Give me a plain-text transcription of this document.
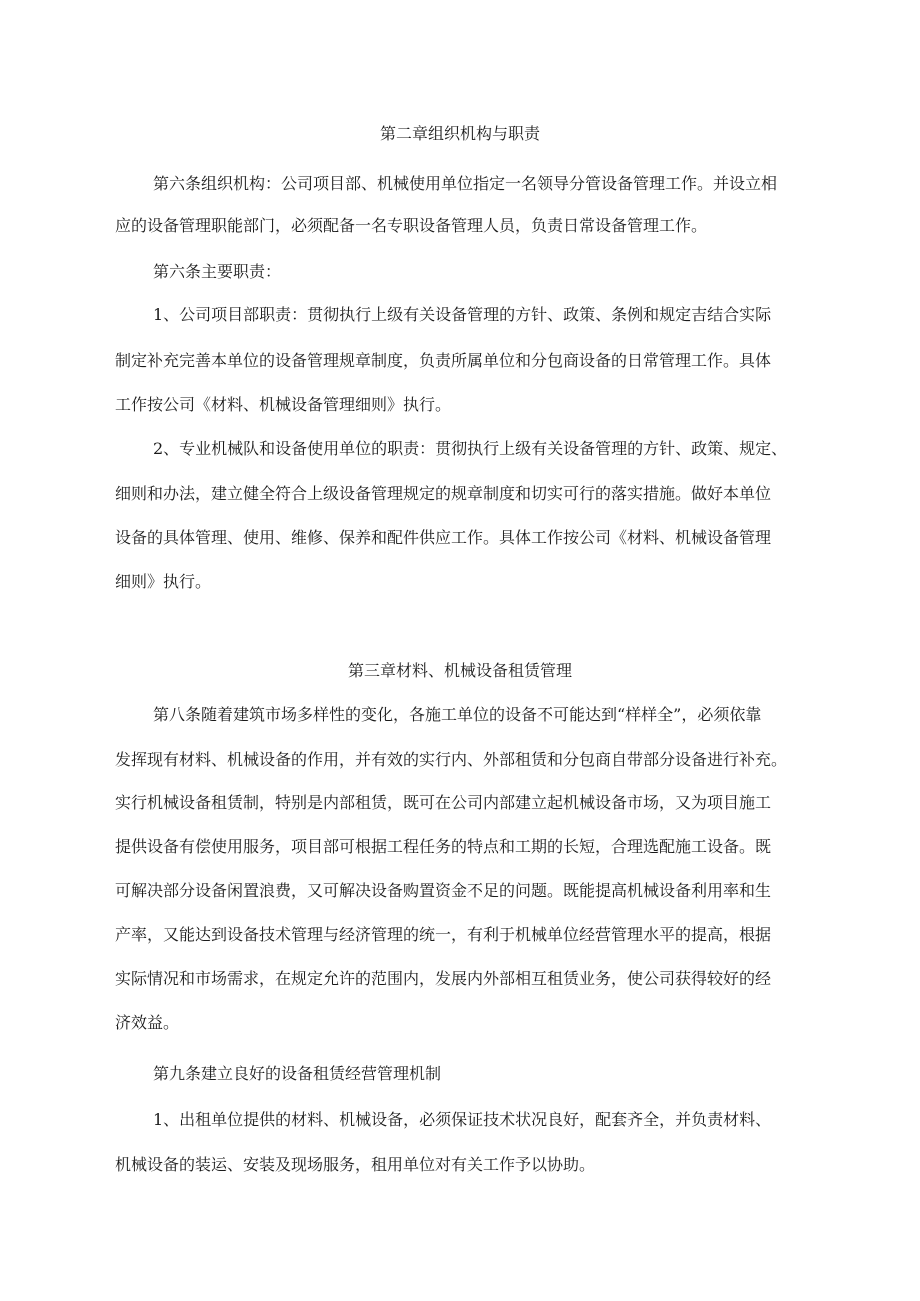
第二章组织机构与职责
第六条组织机构：公司项目部、机械使用单位指定一名领导分管设备管理工作。并设立相
应的设备管理职能部门，必须配备一名专职设备管理人员，负责日常设备管理工作。
第六条主要职责：
1、公司项目部职责：贯彻执行上级有关设备管理的方针、政策、条例和规定吉结合实际
制定补充完善本单位的设备管理规章制度，负责所属单位和分包商设备的日常管理工作。具体
工作按公司《材料、机械设备管理细则》执行。
2、专业机械队和设备使用单位的职责：贯彻执行上级有关设备管理的方针、政策、规定、
细则和办法，建立健全符合上级设备管理规定的规章制度和切实可行的落实措施。做好本单位
设备的具体管理、使用、维修、保养和配件供应工作。具体工作按公司《材料、机械设备管理
细则》执行。
第三章材料、机械设备租赁管理
第八条随着建筑市场多样性的变化，各施工单位的设备不可能达到“样样全”，必须依靠
发挥现有材料、机械设备的作用，并有效的实行内、外部租赁和分包商自带部分设备进行补充。
实行机械设备租赁制，特别是内部租赁，既可在公司内部建立起机械设备市场，又为项目施工
提供设备有偿使用服务，项目部可根据工程任务的特点和工期的长短，合理选配施工设备。既
可解决部分设备闲置浪费，又可解决设备购置资金不足的问题。既能提高机械设备利用率和生
产率，又能达到设备技术管理与经济管理的统一，有利于机械单位经营管理水平的提高，根据
实际情况和市场需求，在规定允许的范围内，发展内外部相互租赁业务，使公司获得较好的经
济效益。
第九条建立良好的设备租赁经营管理机制
1、出租单位提供的材料、机械设备，必须保证技术状况良好，配套齐全，并负责材料、
机械设备的装运、安装及现场服务，租用单位对有关工作予以协助。
